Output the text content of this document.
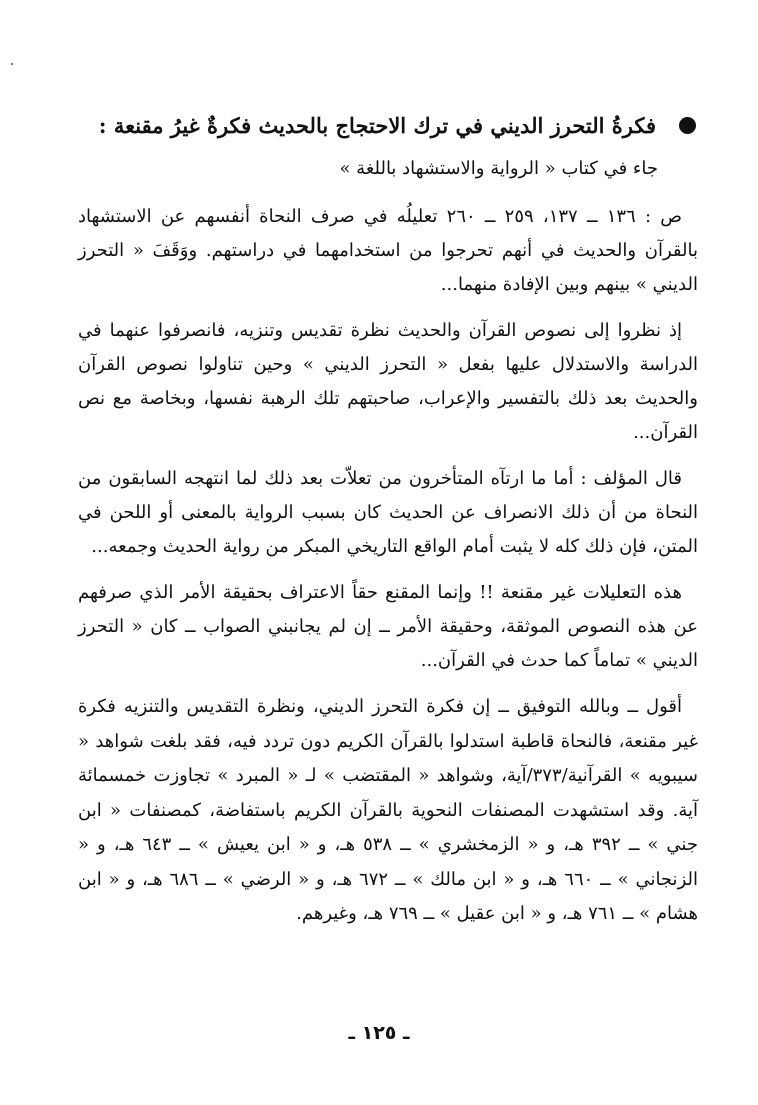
فكرةُ التحرز الديني في ترك الاحتجاج بالحديث فكرةٌ غيرُ مقنعة :

جاء في كتاب « الرواية والاستشهاد باللغة »

ص : ١٣٦ ــ ١٣٧، ٢٥٩ ــ ٢٦٠ تعليلُه في صرف النحاة أنفسهم عن الاستشهاد بالقرآن والحديث في أنهم تحرجوا من استخدامهما في دراستهم. ووَقَفَ « التحرز الديني » بينهم وبين الإفادة منهما...

إذ نظروا إلى نصوص القرآن والحديث نظرة تقديس وتنزيه، فانصرفوا عنهما في الدراسة والاستدلال عليها بفعل « التحرز الديني » وحين تناولوا نصوص القرآن والحديث بعد ذلك بالتفسير والإعراب، صاحبتهم تلك الرهبة نفسها، وبخاصة مع نص القرآن...

قال المؤلف : أما ما ارتآه المتأخرون من تعلاّت بعد ذلك لما انتهجه السابقون من النحاة من أن ذلك الانصراف عن الحديث كان بسبب الرواية بالمعنى أو اللحن في المتن، فإن ذلك كله لا يثبت أمام الواقع التاريخي المبكر من رواية الحديث وجمعه...

هذه التعليلات غير مقنعة !! وإنما المقنع حقاً الاعتراف بحقيقة الأمر الذي صرفهم عن هذه النصوص الموثقة، وحقيقة الأمر ــ إن لم يجانبني الصواب ــ كان « التحرز الديني » تماماً كما حدث في القرآن...

أقول ــ وبالله التوفيق ــ إن فكرة التحرز الديني، ونظرة التقديس والتنزيه فكرة غير مقنعة، فالنحاة قاطبة استدلوا بالقرآن الكريم دون تردد فيه، فقد بلغت شواهد « سيبويه » القرآنية/٣٧٣/آية، وشواهد « المقتضب » لـ « المبرد » تجاوزت خمسمائة آية. وقد استشهدت المصنفات النحوية بالقرآن الكريم باستفاضة، كمصنفات « ابن جني » ــ ٣٩٢ هـ، و « الزمخشري » ــ ٥٣٨ هـ، و « ابن يعيش » ــ ٦٤٣ هـ، و « الزنجاني » ــ ٦٦٠ هـ، و « ابن مالك » ــ ٦٧٢ هـ، و « الرضي » ــ ٦٨٦ هـ، و « ابن هشام » ــ ٧٦١ هـ، و « ابن عقيل » ــ ٧٦٩ هـ، وغيرهم.

ـ ١٢٥ ـ
